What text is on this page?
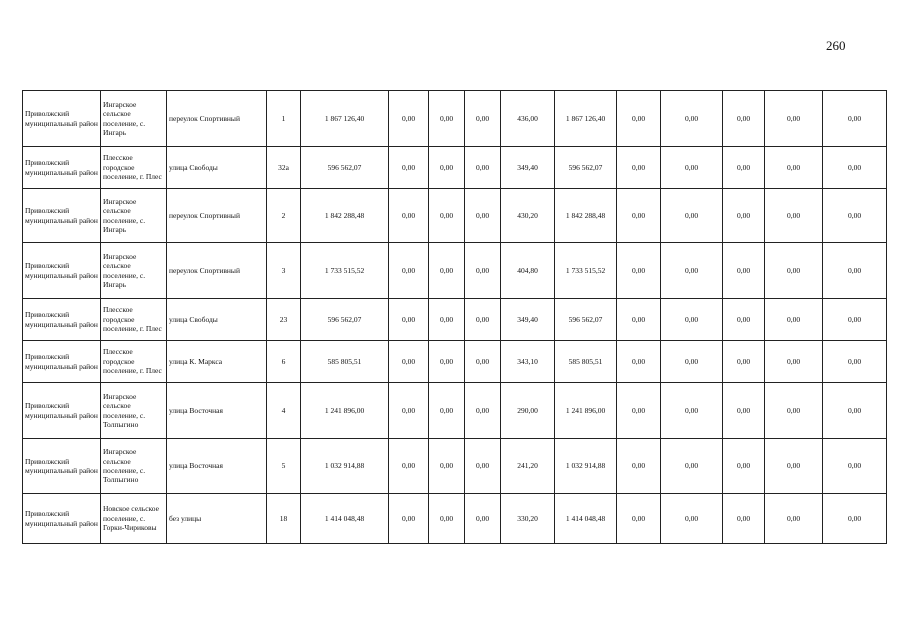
260
Приволжский муниципальный район	Ингарское сельское поселение, с. Ингарь	переулок Спортивный	1	1 867 126,40	0,00	0,00	0,00	436,00	1 867 126,40	0,00	0,00	0,00	0,00	0,00
Приволжский муниципальный район	Плесское городское поселение, г. Плес	улица Свободы	32а	596 562,07	0,00	0,00	0,00	349,40	596 562,07	0,00	0,00	0,00	0,00	0,00
Приволжский муниципальный район	Ингарское сельское поселение, с. Ингарь	переулок Спортивный	2	1 842 288,48	0,00	0,00	0,00	430,20	1 842 288,48	0,00	0,00	0,00	0,00	0,00
Приволжский муниципальный район	Ингарское сельское поселение, с. Ингарь	переулок Спортивный	3	1 733 515,52	0,00	0,00	0,00	404,80	1 733 515,52	0,00	0,00	0,00	0,00	0,00
Приволжский муниципальный район	Плесское городское поселение, г. Плес	улица Свободы	23	596 562,07	0,00	0,00	0,00	349,40	596 562,07	0,00	0,00	0,00	0,00	0,00
Приволжский муниципальный район	Плесское городское поселение, г. Плес	улица К. Маркса	6	585 805,51	0,00	0,00	0,00	343,10	585 805,51	0,00	0,00	0,00	0,00	0,00
Приволжский муниципальный район	Ингарское сельское поселение, с. Толпыгино	улица Восточная	4	1 241 896,00	0,00	0,00	0,00	290,00	1 241 896,00	0,00	0,00	0,00	0,00	0,00
Приволжский муниципальный район	Ингарское сельское поселение, с. Толпыгино	улица Восточная	5	1 032 914,88	0,00	0,00	0,00	241,20	1 032 914,88	0,00	0,00	0,00	0,00	0,00
Приволжский муниципальный район	Новское сельское поселение, с. Горки-Чириковы	без улицы	18	1 414 048,48	0,00	0,00	0,00	330,20	1 414 048,48	0,00	0,00	0,00	0,00	0,00
